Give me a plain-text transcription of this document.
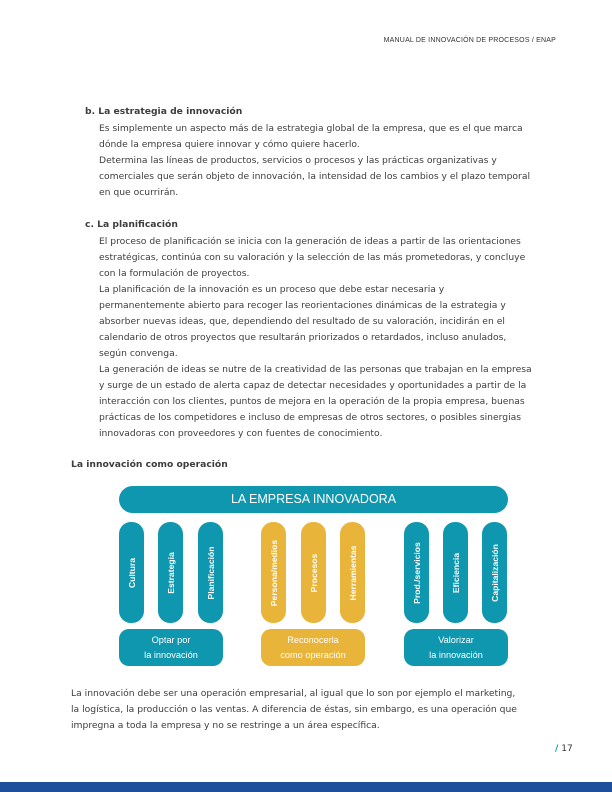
MANUAL DE INNOVACIÓN DE PROCESOS / ENAP
b. La estrategia de innovación

Es simplemente un aspecto más de la estrategia global de la empresa, que es el que marca

dónde la empresa quiere innovar y cómo quiere hacerlo.

Determina las líneas de productos, servicios o procesos y las prácticas organizativas y

comerciales que serán objeto de innovación, la intensidad de los cambios y el plazo temporal

en que ocurrirán.

c. La planificación

El proceso de planificación se inicia con la generación de ideas a partir de las orientaciones

estratégicas, continúa con su valoración y la selección de las más prometedoras, y concluye

con la formulación de proyectos.

La planificación de la innovación es un proceso que debe estar necesaria y

permanentemente abierto para recoger las reorientaciones dinámicas de la estrategia y

absorber nuevas ideas, que, dependiendo del resultado de su valoración, incidirán en el

calendario de otros proyectos que resultarán priorizados o retardados, incluso anulados,

según convenga.

La generación de ideas se nutre de la creatividad de las personas que trabajan en la empresa

y surge de un estado de alerta capaz de detectar necesidades y oportunidades a partir de la

interacción con los clientes, puntos de mejora en la operación de la propia empresa, buenas

prácticas de los competidores e incluso de empresas de otros sectores, o posibles sinergias

innovadoras con proveedores y con fuentes de conocimiento.

La innovación como operación
LA EMPRESA INNOVADORA
Cultura	Estrategia	Planificación	Persona/medios	Procesos	Herramientas	Prod./servicios	Eficiencia	Capitalización
Optar por
la innovación
Reconocerla
como operación
Valorizar
la innovación

La innovación debe ser una operación empresarial, al igual que lo son por ejemplo el marketing,

la logística, la producción o las ventas. A diferencia de éstas, sin embargo, es una operación que

impregna a toda la empresa y no se restringe a un área específica.

/ 17
